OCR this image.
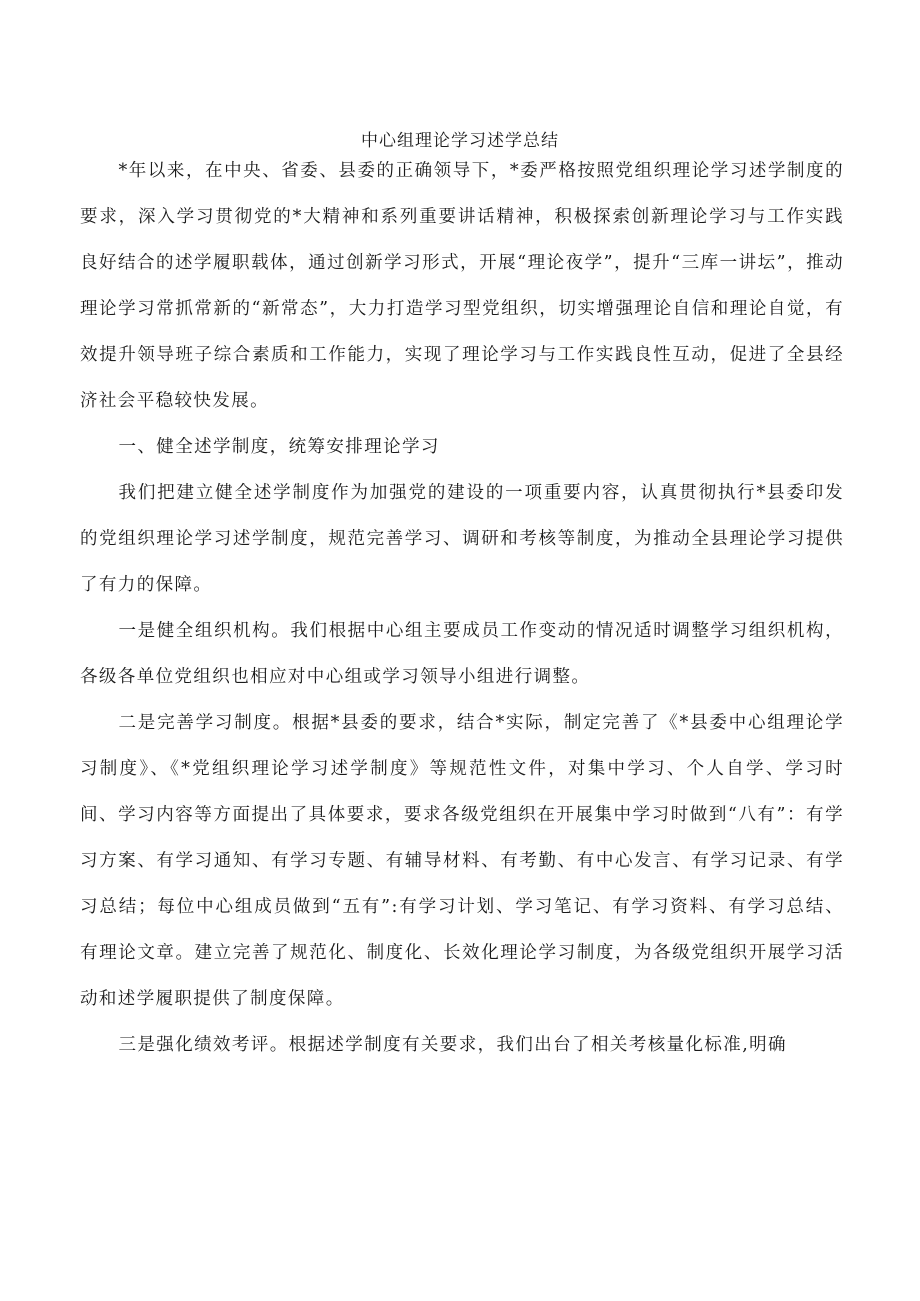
中心组理论学习述学总结

*年以来，在中央、省委、县委的正确领导下，*委严格按照党组织理论学习述学制度的要求，深入学习贯彻党的*大精神和系列重要讲话精神，积极探索创新理论学习与工作实践良好结合的述学履职载体，通过创新学习形式，开展“理论夜学”，提升“三库一讲坛”，推动理论学习常抓常新的“新常态”，大力打造学习型党组织，切实增强理论自信和理论自觉，有效提升领导班子综合素质和工作能力，实现了理论学习与工作实践良性互动，促进了全县经济社会平稳较快发展。

一、健全述学制度，统筹安排理论学习

我们把建立健全述学制度作为加强党的建设的一项重要内容，认真贯彻执行*县委印发的党组织理论学习述学制度，规范完善学习、调研和考核等制度，为推动全县理论学习提供了有力的保障。

一是健全组织机构。我们根据中心组主要成员工作变动的情况适时调整学习组织机构，各级各单位党组织也相应对中心组或学习领导小组进行调整。

二是完善学习制度。根据*县委的要求，结合*实际，制定完善了《*县委中心组理论学习制度》、《*党组织理论学习述学制度》等规范性文件，对集中学习、个人自学、学习时间、学习内容等方面提出了具体要求，要求各级党组织在开展集中学习时做到“八有”：有学习方案、有学习通知、有学习专题、有辅导材料、有考勤、有中心发言、有学习记录、有学习总结；每位中心组成员做到“五有”:有学习计划、学习笔记、有学习资料、有学习总结、有理论文章。建立完善了规范化、制度化、长效化理论学习制度，为各级党组织开展学习活动和述学履职提供了制度保障。

三是强化绩效考评。根据述学制度有关要求，我们出台了相关考核量化标准,明确
